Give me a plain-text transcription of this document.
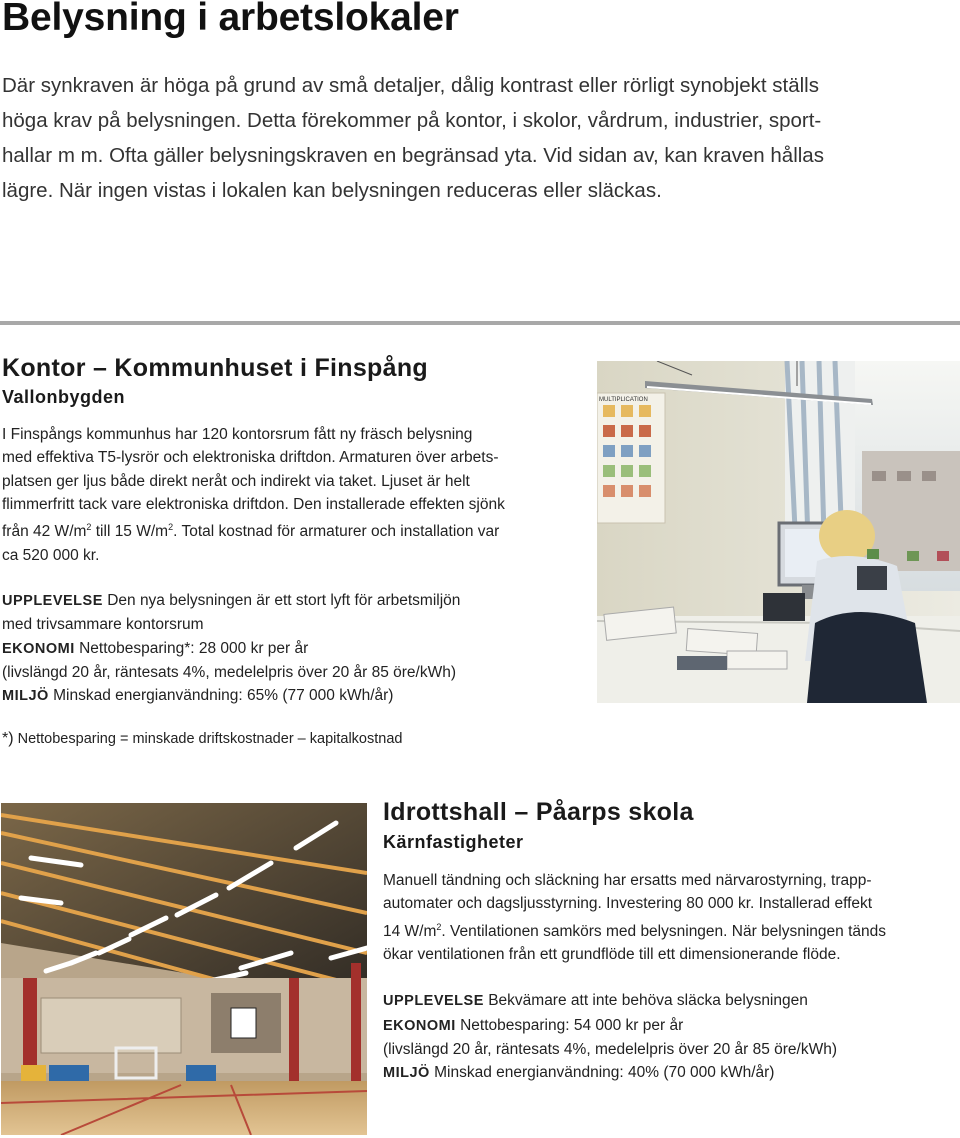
Belysning i arbetslokaler
Där synkraven är höga på grund av små detaljer, dålig kontrast eller rörligt synobjekt ställs
höga krav på belysningen. Detta förekommer på kontor, i skolor, vårdrum, industrier, sport-
hallar m m. Ofta gäller belysningskraven en begränsad yta. Vid sidan av, kan kraven hållas
lägre. När ingen vistas i lokalen kan belysningen reduceras eller släckas.

Kontor – Kommunhuset i Finspång

Vallonbygden

I Finspångs kommunhus har 120 kontorsrum fått ny fräsch belysning
med effektiva T5-lysrör och elektroniska driftdon. Armaturen över arbets-
platsen ger ljus både direkt neråt och indirekt via taket. Ljuset är helt
flimmerfritt tack vare elektroniska driftdon. Den installerade effekten sjönk
från 42 $W/m^2$ till 15 $W/m^2$. Total kostnad för armaturer och installation var
ca 520 000 kr.
UPPLEVELSE Den nya belysningen är ett stort lyft för arbetsmiljön
med trivsammare kontorsrum
EKONOMI Nettobesparing*: 28 000 kr per år
(livslängd 20 år, räntesats 4%, medelelpris över 20 år 85 öre/kWh)
MILJÖ Minskad energianvändning: 65% (77 000 kWh/år)
*) Nettobesparing = minskade driftskostnader – kapitalkostnad
MULTIPLICATION

Idrottshall – Påarps skola

Kärnfastigheter

Manuell tändning och släckning har ersatts med närvarostyrning, trapp-
automater och dagsljusstyrning. Investering 80 000 kr. Installerad effekt
14 $W/m^2$. Ventilationen samkörs med belysningen. När belysningen tänds
ökar ventilationen från ett grundflöde till ett dimensionerande flöde.
UPPLEVELSE Bekvämare att inte behöva släcka belysningen
EKONOMI Nettobesparing: 54 000 kr per år
(livslängd 20 år, räntesats 4%, medelelpris över 20 år 85 öre/kWh)
MILJÖ Minskad energianvändning: 40% (70 000 kWh/år)
